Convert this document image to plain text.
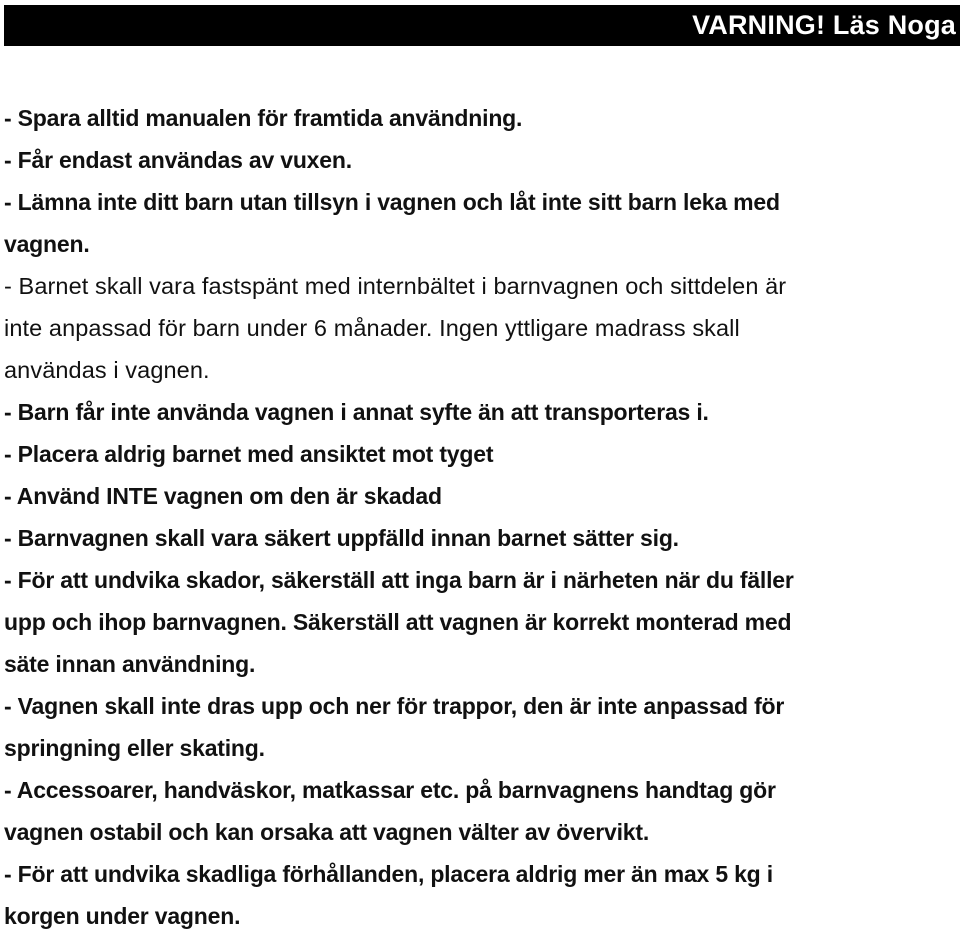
VARNING! Läs Noga
- Spara alltid manualen för framtida användning.
- Får endast användas av vuxen.
- Lämna inte ditt barn utan tillsyn i vagnen och låt inte sitt barn leka med
vagnen.
- Barnet skall vara fastspänt med internbältet i barnvagnen och sittdelen är
inte anpassad för barn under 6 månader. Ingen yttligare madrass skall
användas i vagnen.
- Barn får inte använda vagnen i annat syfte än att transporteras i.
- Placera aldrig barnet med ansiktet mot tyget
- Använd INTE vagnen om den är skadad
- Barnvagnen skall vara säkert uppfälld innan barnet sätter sig.
- För att undvika skador, säkerställ att inga barn är i närheten när du fäller
upp och ihop barnvagnen. Säkerställ att vagnen är korrekt monterad med
säte innan användning.
- Vagnen skall inte dras upp och ner för trappor, den är inte anpassad för
springning eller skating.
- Accessoarer, handväskor, matkassar etc. på barnvagnens handtag gör
vagnen ostabil och kan orsaka att vagnen välter av övervikt.
- För att undvika skadliga förhållanden, placera aldrig mer än max 5 kg i
korgen under vagnen.
